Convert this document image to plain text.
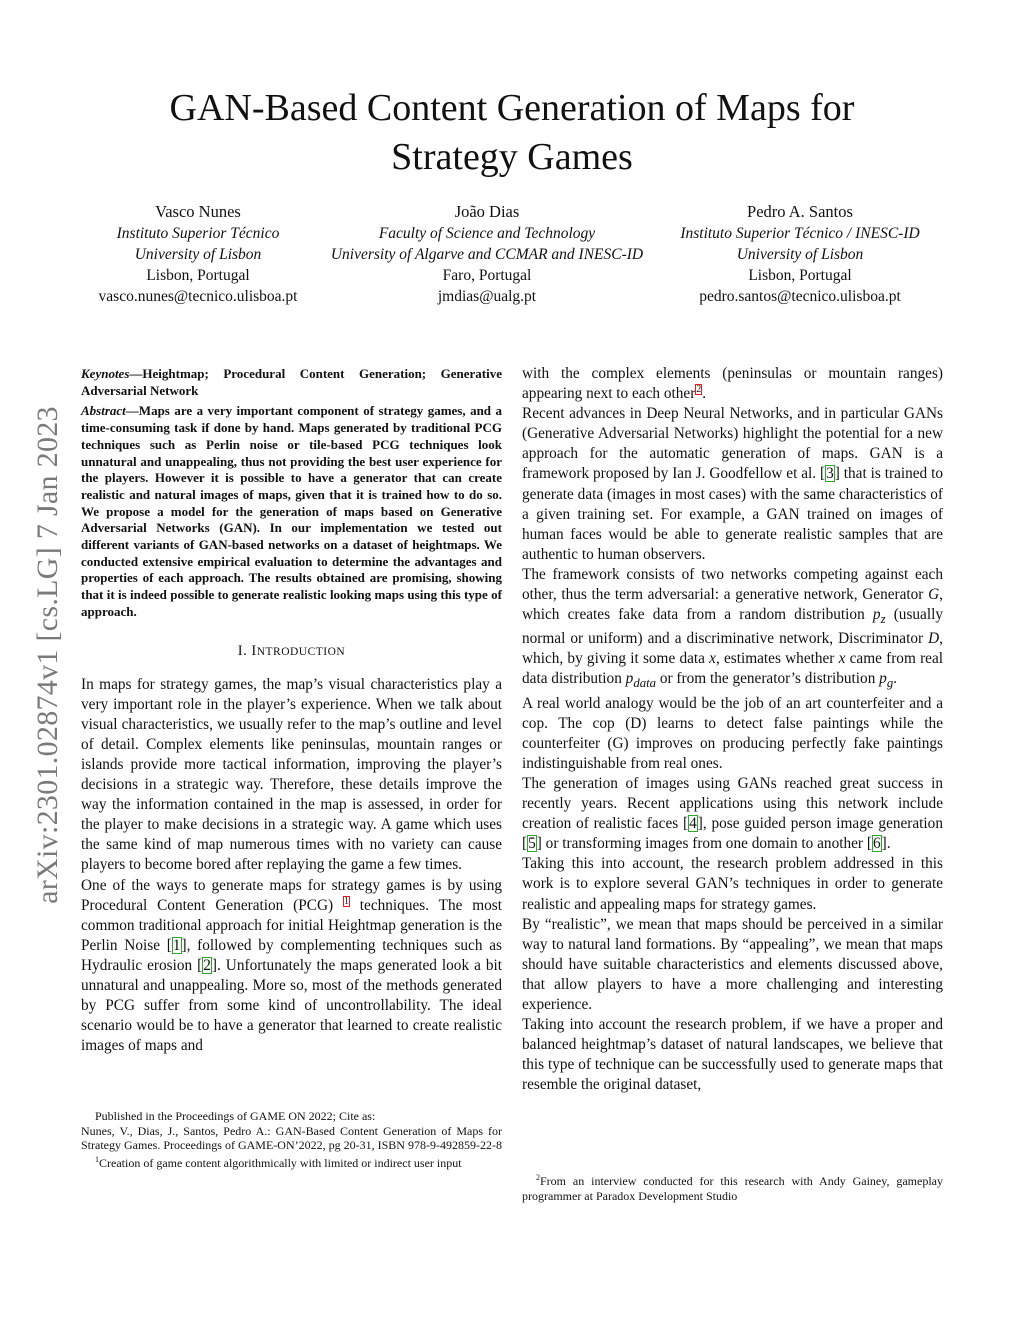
arXiv:2301.02874v1 [cs.LG] 7 Jan 2023
GAN-Based Content Generation of Maps for
Strategy Games
Vasco Nunes
Instituto Superior Técnico
University of Lisbon
Lisbon, Portugal
vasco.nunes@tecnico.ulisboa.pt
João Dias
Faculty of Science and Technology
University of Algarve and CCMAR and INESC-ID
Faro, Portugal
jmdias@ualg.pt
Pedro A. Santos
Instituto Superior Técnico / INESC-ID
University of Lisbon
Lisbon, Portugal
pedro.santos@tecnico.ulisboa.pt

Keynotes—Heightmap; Procedural Content Generation; Generative Adversarial Network

Abstract—Maps are a very important component of strategy games, and a time-consuming task if done by hand. Maps generated by traditional PCG techniques such as Perlin noise or tile-based PCG techniques look unnatural and unappealing, thus not providing the best user experience for the players. However it is possible to have a generator that can create realistic and natural images of maps, given that it is trained how to do so. We propose a model for the generation of maps based on Generative Adversarial Networks (GAN). In our implementation we tested out different variants of GAN-based networks on a dataset of heightmaps. We conducted extensive empirical evaluation to determine the advantages and properties of each approach. The results obtained are promising, showing that it is indeed possible to generate realistic looking maps using this type of approach.

I. INTRODUCTION

In maps for strategy games, the map’s visual characteristics play a very important role in the player’s experience. When we talk about visual characteristics, we usually refer to the map’s outline and level of detail. Complex elements like peninsulas, mountain ranges or islands provide more tactical information, improving the player’s decisions in a strategic way. Therefore, these details improve the way the information contained in the map is assessed, in order for the player to make decisions in a strategic way. A game which uses the same kind of map numerous times with no variety can cause players to become bored after replaying the game a few times.

One of the ways to generate maps for strategy games is by using Procedural Content Generation (PCG) $^1$ techniques. The most common traditional approach for initial Heightmap generation is the Perlin Noise [1], followed by complementing techniques such as Hydraulic erosion [2]. Unfortunately the maps generated look a bit unnatural and unappealing. More so, most of the methods generated by PCG suffer from some kind of uncontrollability. The ideal scenario would be to have a generator that learned to create realistic images of maps and

Published in the Proceedings of GAME ON 2022; Cite as:

Nunes, V., Dias, J., Santos, Pedro A.: GAN-Based Content Generation of Maps for Strategy Games. Proceedings of GAME-ON’2022, pg 20-31, ISBN 978-9-492859-22-8

$^1$Creation of game content algorithmically with limited or indirect user input

with the complex elements (peninsulas or mountain ranges) appearing next to each other$^2$.

Recent advances in Deep Neural Networks, and in particular GANs (Generative Adversarial Networks) highlight the potential for a new approach for the automatic generation of maps. GAN is a framework proposed by Ian J. Goodfellow et al. [3] that is trained to generate data (images in most cases) with the same characteristics of a given training set. For example, a GAN trained on images of human faces would be able to generate realistic samples that are authentic to human observers.

The framework consists of two networks competing against each other, thus the term adversarial: a generative network, Generator G, which creates fake data from a random distribution $p_z$ (usually normal or uniform) and a discriminative network, Discriminator D, which, by giving it some data x, estimates whether x came from real data distribution $p_{data}$ or from the generator’s distribution $p_g$.

A real world analogy would be the job of an art counterfeiter and a cop. The cop (D) learns to detect false paintings while the counterfeiter (G) improves on producing perfectly fake paintings indistinguishable from real ones.

The generation of images using GANs reached great success in recently years. Recent applications using this network include creation of realistic faces [4], pose guided person image generation [5] or transforming images from one domain to another [6].

Taking this into account, the research problem addressed in this work is to explore several GAN’s techniques in order to generate realistic and appealing maps for strategy games.

By “realistic”, we mean that maps should be perceived in a similar way to natural land formations. By “appealing”, we mean that maps should have suitable characteristics and elements discussed above, that allow players to have a more challenging and interesting experience.

Taking into account the research problem, if we have a proper and balanced heightmap’s dataset of natural landscapes, we believe that this type of technique can be successfully used to generate maps that resemble the original dataset,

$^2$From an interview conducted for this research with Andy Gainey, gameplay programmer at Paradox Development Studio
